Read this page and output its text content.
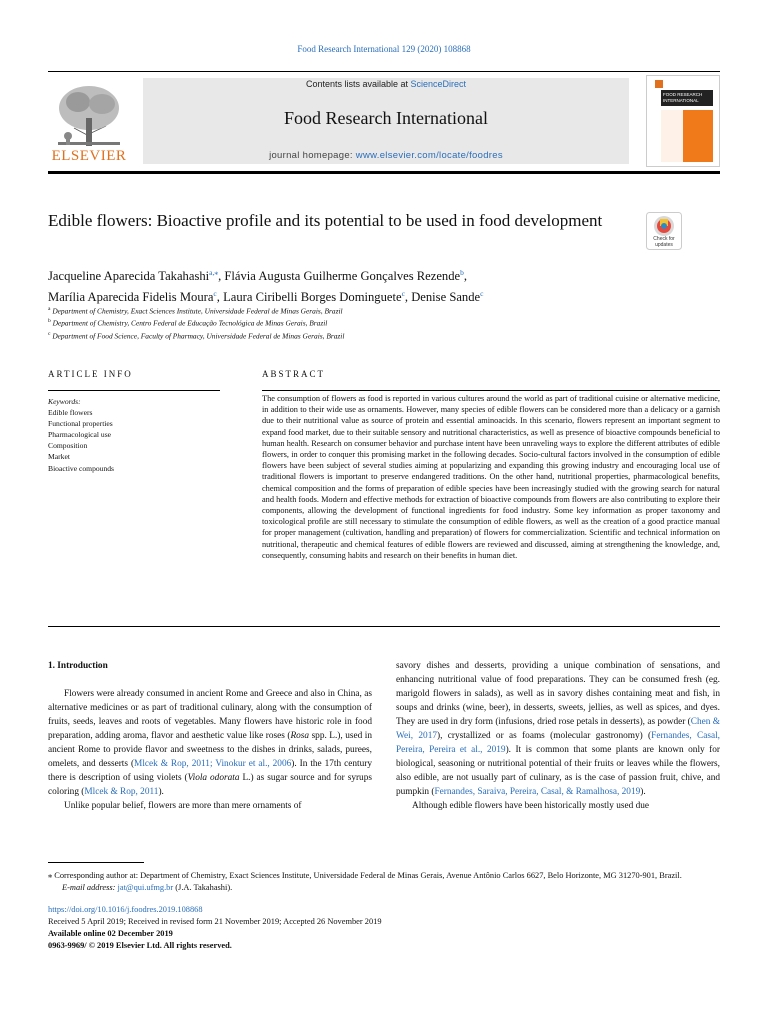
Food Research International 129 (2020) 108868
ELSEVIER
Contents lists available at ScienceDirect
Food Research International
journal homepage: www.elsevier.com/locate/foodres
FOOD RESEARCH
INTERNATIONAL
Edible flowers: Bioactive profile and its potential to be used in food development
Check for updates
Jacqueline Aparecida Takahashi$^{a,⁎}$, Flávia Augusta Guilherme Gonçalves Rezende$^b$,
Marília Aparecida Fidelis Moura$^c$, Laura Ciribelli Borges Dominguete$^c$, Denise Sande$^c$
$^a$ Department of Chemistry, Exact Sciences Institute, Universidade Federal de Minas Gerais, Brazil
$^b$ Department of Chemistry, Centro Federal de Educação Tecnológica de Minas Gerais, Brazil
$^c$ Department of Food Science, Faculty of Pharmacy, Universidade Federal de Minas Gerais, Brazil
ARTICLE INFO	ABSTRACT
Keywords:
Edible flowers
Functional properties
Pharmacological use
Composition
Market
Bioactive compounds
The consumption of flowers as food is reported in various cultures around the world as part of traditional cuisine or alternative medicine, in addition to their wide use as ornaments. However, many species of edible flowers can be considered more than a delicacy or a garnish due to their nutritional value as source of protein and essential aminoacids. In this scenario, flowers represent an important segment to expand food market, due to their suitable sensory and nutritional characteristics, as well as presence of bioactive compounds beneficial to human health. Research on consumer behavior and purchase intent have been unraveling ways to explore the different attributes of edible flowers, in order to conquer this promising market in the following decades. Socio-cultural factors involved in the consumption of edible flowers have been subject of several studies aiming at popularizing and expanding this growing industry and encouraging local use of traditional flowers is important to preserve endangered traditions. On the other hand, nutritional properties, pharmacological benefits, chemical composition and the forms of preparation of edible species have been increasingly studied with the growing search for natural and health foods. Modern and effective methods for extraction of bioactive compounds from flowers are also contributing to explore their components, allowing the development of functional ingredients for food industry. Some key information as proper taxonomy and toxicological profile are still necessary to stimulate the consumption of edible flowers, as well as the creation of a good practice manual for proper management (cultivation, handling and preparation) of flowers for commercialization. Scientific and technical information on nutritional, therapeutic and chemical features of edible flowers are reviewed and discussed, aiming at strengthening the knowledge, and, consequently, consuming habits and research on their benefits in human diet.

1. Introduction

Flowers were already consumed in ancient Rome and Greece and also in China, as alternative medicines or as part of traditional culinary, along with the consumption of fruits, seeds, leaves and roots of vegetables. Many flowers have historic role in food preparation, adding aroma, flavor and aesthetic value like roses (Rosa spp. L.), used in ancient Rome to provide flavor and sweetness to the dishes in drinks, salads, purees, omelets, and desserts (Mlcek & Rop, 2011; Vinokur et al., 2006). In the 17th century there is description of using violets (Viola odorata L.) as sugar source and for syrups coloring (Mlcek & Rop, 2011).

Unlike popular belief, flowers are more than mere ornaments of

savory dishes and desserts, providing a unique combination of sensations, and enhancing nutritional value of food preparations. They can be consumed fresh (eg. marigold flowers in salads), as well as in savory dishes containing meat and fish, in soups and drinks (wine, beer), in desserts, sweets, jellies, as well as spices, and dyes. They are used in dry form (infusions, dried rose petals in desserts), as powder (Chen & Wei, 2017), crystallized or as foams (molecular gastronomy) (Fernandes, Casal, Pereira, Pereira et al., 2019). It is common that some plants are known only for biological, seasoning or nutritional potential of their fruits or leaves while the flowers, also edible, are not usually part of culinary, as is the case of passion fruit, chive, and pumpkin (Fernandes, Saraiva, Pereira, Casal, & Ramalhosa, 2019).

Although edible flowers have been historically mostly used due

⁎ Corresponding author at: Department of Chemistry, Exact Sciences Institute, Universidade Federal de Minas Gerais, Avenue Antônio Carlos 6627, Belo Horizonte, MG 31270-901, Brazil.
E-mail address: jat@qui.ufmg.br (J.A. Takahashi).
https://doi.org/10.1016/j.foodres.2019.108868
Received 5 April 2019; Received in revised form 21 November 2019; Accepted 26 November 2019
Available online 02 December 2019
0963-9969/ © 2019 Elsevier Ltd. All rights reserved.
